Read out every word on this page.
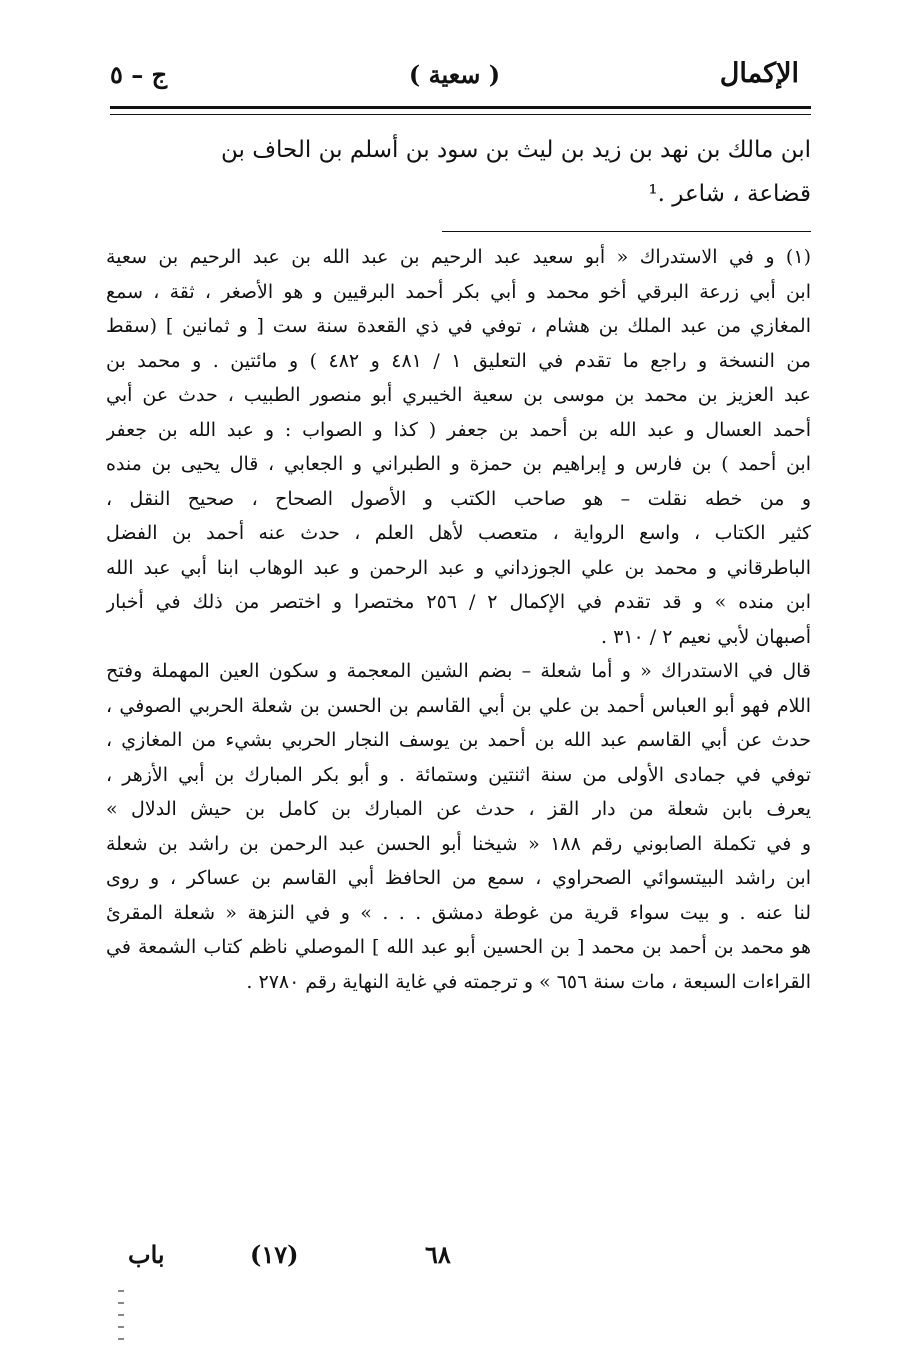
الإكمال
( سعية )
ج – ٥
ابن مالك بن نهد بن زيد بن ليث بن سود بن أسلم بن الحاف بن
قضاعة ، شاعر .¹
(١) و في الاستدراك « أبو سعيد عبد الرحيم بن عبد الله بن عبد الرحيم بن سعية
ابن أبي زرعة البرقي أخو محمد و أبي بكر أحمد البرقيين و هو الأصغر ، ثقة ، سمع
المغازي من عبد الملك بن هشام ، توفي في ذي القعدة سنة ست [ و ثمانين ] (سقط
من النسخة و راجع ما تقدم في التعليق ١ / ٤٨١ و ٤٨٢ ) و مائتين . و محمد بن
عبد العزيز بن محمد بن موسى بن سعية الخيبري أبو منصور الطبيب ، حدث عن أبي
أحمد العسال و عبد الله بن أحمد بن جعفر ( كذا و الصواب : و عبد الله بن جعفر
ابن أحمد ) بن فارس و إبراهيم بن حمزة و الطبراني و الجعابي ، قال يحيى بن منده
و من خطه نقلت – هو صاحب الكتب و الأصول الصحاح ، صحيح النقل ،
كثير الكتاب ، واسع الرواية ، متعصب لأهل العلم ، حدث عنه أحمد بن الفضل
الباطرقاني و محمد بن علي الجوزداني و عبد الرحمن و عبد الوهاب ابنا أبي عبد الله
ابن منده » و قد تقدم في الإكمال ٢ / ٢٥٦ مختصرا و اختصر من ذلك في أخبار
أصبهان لأبي نعيم ٢ / ٣١٠ .
قال في الاستدراك « و أما شعلة – بضم الشين المعجمة و سكون العين المهملة وفتح
اللام فهو أبو العباس أحمد بن علي بن أبي القاسم بن الحسن بن شعلة الحربي الصوفي ،
حدث عن أبي القاسم عبد الله بن أحمد بن يوسف النجار الحربي بشيء من المغازي ،
توفي في جمادى الأولى من سنة اثنتين وستمائة . و أبو بكر المبارك بن أبي الأزهر ،
يعرف بابن شعلة من دار القز ، حدث عن المبارك بن كامل بن حيش الدلال »
و في تكملة الصابوني رقم ١٨٨ « شيخنا أبو الحسن عبد الرحمن بن راشد بن شعلة
ابن راشد البيتسوائي الصحراوي ، سمع من الحافظ أبي القاسم بن عساكر ، و روى
لنا عنه . و بيت سواء قرية من غوطة دمشق . . . » و في النزهة « شعلة المقرئ
هو محمد بن أحمد بن محمد [ بن الحسين أبو عبد الله ] الموصلي ناظم كتاب الشمعة في
القراءات السبعة ، مات سنة ٦٥٦ » و ترجمته في غاية النهاية رقم ٢٧٨٠ .
باب	(١٧)	٦٨
